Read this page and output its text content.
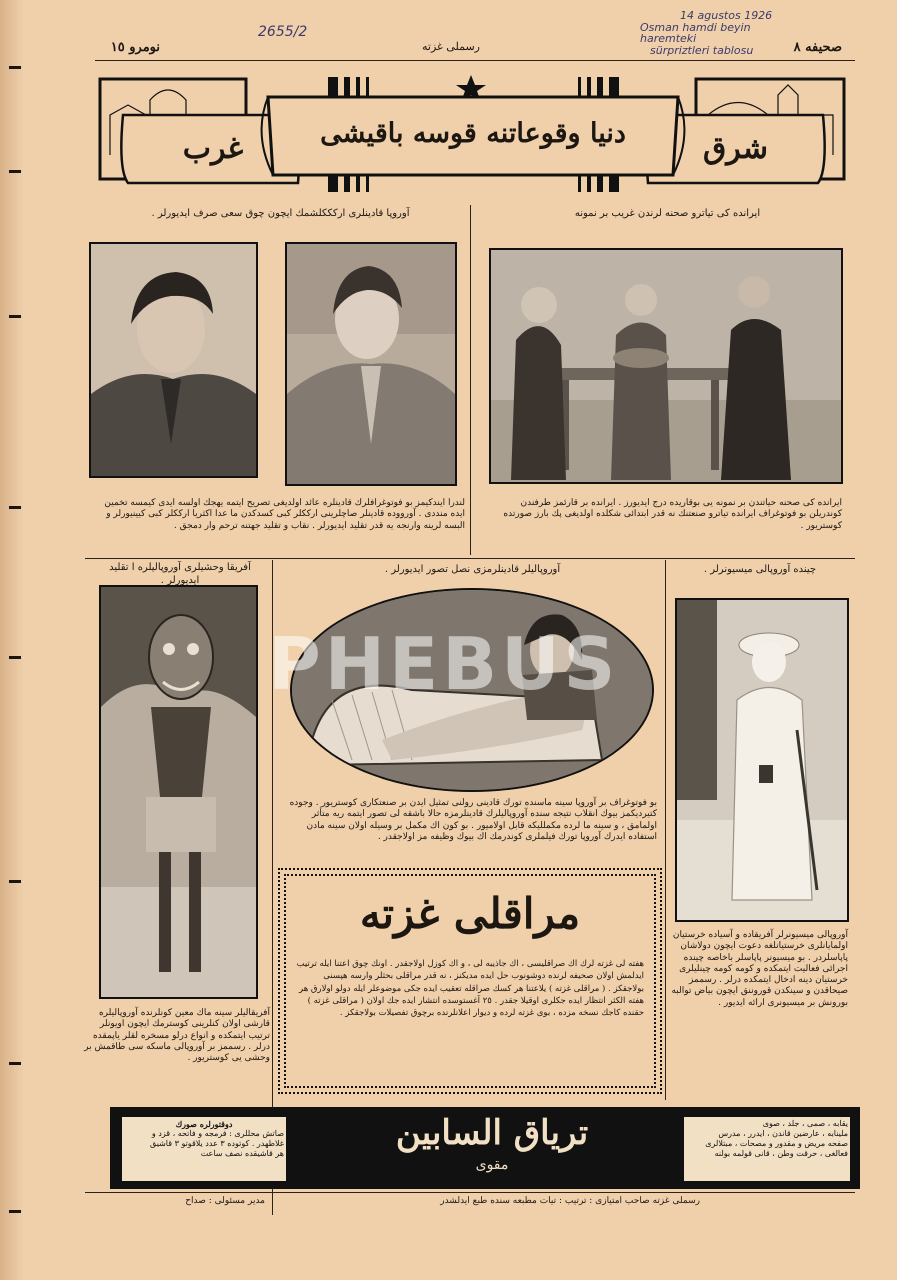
نومرو ١٥
2655/2
رسملى غزته	صحيفه ٨
14 agustos 1926
Osman hamdi beyin haremteki
sürpriztleri tablosu
غرب	دنيا وقوعاتنه قوسه باقيشى	شرق
آوروپا قادينلرى اركككلشمك ايچون چوق سعى صرف ايديورلر .	ايرانده كى تياترو صحنه لرندن غريب بر نمونه
لندرا ايندكيمز بو فوتوغرافلرك قادينلره عائد اولديغى تصريح ايتمه يهجك اولسه ايدى كيمسه تخمين ايده منددى . آورووده قادينلر صاچلرينى ارككلر كبى كسدكدن ما عدا اكثريا ارككلر كبى كيينيورلر و البسه لرينه وارنجه يه قدر تقليد ايديورلر . نقاب و تقليد جهتنه ترحم وار دمجق .
ايرانده كى صحنه حياتندن بر نمونه يى بوقاريده درج ايديورز . ايرانده بر قارئمز طرفندن كوندريلن بو فوتوغراف ايرانده تياترو صنعتنك نه قدر ابتدائى شكلده اولديغى پك بارز صورتده كوستريور .
آفريقا وحشيلرى آوروپاليلره ا تقليد ايديورلر .
آوروپاليلر قادينلرمزى نصل تصور ايديورلر .	چينده آوروپالى ميسيونرلر .
PHEBUS
بو فوتوغراف بر آوروپا سينه ماسنده تورك قادينى رولنى تمثيل ايدن بر صنعتكارى كوستريور . وجوده كتيرديكمز بيوك انقلاب نتيجه سنده آوروپاليلرك قادينلرمزه حالا باشقه لى تصور ايتمه ريه متأثر اولمامق ، و سينه ما لرده مكملليكه قابل اولاميور . بو كون اك مكمل بر وسيله اولان سينه مادن استفاده ايدرك آوروپا تورك فيلملرى كوندرمك اك بيوك وظيفه مز اولاجقدر .
مراقلى غزته
هفته لى غزته لرك اك صراقليسى ، اك جاذيبه لى ، و اك كوزل اولاجقدر . اونك چوق اعتنا ايله ترتيب ايدلمش اولان صحيفه لرنده دوشونوب حل ايده مديكنز ، نه قدر مراقلى بحثلر وارسه هپسنى بولاجقكز . ( مراقلى غزته ) يلاعتنا هر كسك صراقله تعقيب ايده جكى موضوعلر ايله دولو اولارق هر هفته الكثر انتظار ايده جكلرى اوقيلا جقدر . ٢٥ آغستوسده انتشار ايده جك اولان ( مراقلى غزته ) حقنده كاجك نسخه مزده ، بوى غزته لرده و ديوار اعلانلرنده برچوق تفصيلات بولاجقكز .
آفريقاليلر سينه ماك معين كونلرنده آوروپاليلره قارشى اولان كنلرينى كوسترمك ايچون اويونلر ترتيب ايتمكده و انواع درلو مسخره لقلر ياپمقده درلر . رسممز بر آوروپالى ماسكه سى طاقمش بر وحشى يى كوستريور .
آوروپالى ميسيونرلر آفريقاده و آسياده خرستيان اولمايانلرى خرستيانلغه دعوت ايچون دولاشان پاپاسلردر . بو ميسيونر پاپاسلر باخاصه چينده اجرائى فعاليت ايتمكده و كومه كومه چينليلرى خرستيان دينه ادخال ايتمكده درلر . رسممز صيحاقدن و سينكدن قوروننق ايچون بياض توالبه بورونش بر ميسيونرى ارائه ايديور .
دوقتورلره صورك
صاتش محللرى : فرمجه و فاتحه ، قزد و
غلاطهدر . كوتوده ٣ عدد يلاقوتو ٣ قاشيق
هر قاشيقده نصف ساعت
ترياق السابين
مقوى
يقابه ، صمى ، جلد ، صوى
ملينابه ، عارضين قاندن ، ايدرر ، مدرس
صفحه مريض و مقدور و مصحات ، مبتلالرى
فعالغى ، حرقت وطن ، قانى قولمه بولنه
رسملى غزته صاحب امتيازى : ترتيب : تيات مطبعه سنده طبع ايدلشدر
مدير مسئولى : صداح
